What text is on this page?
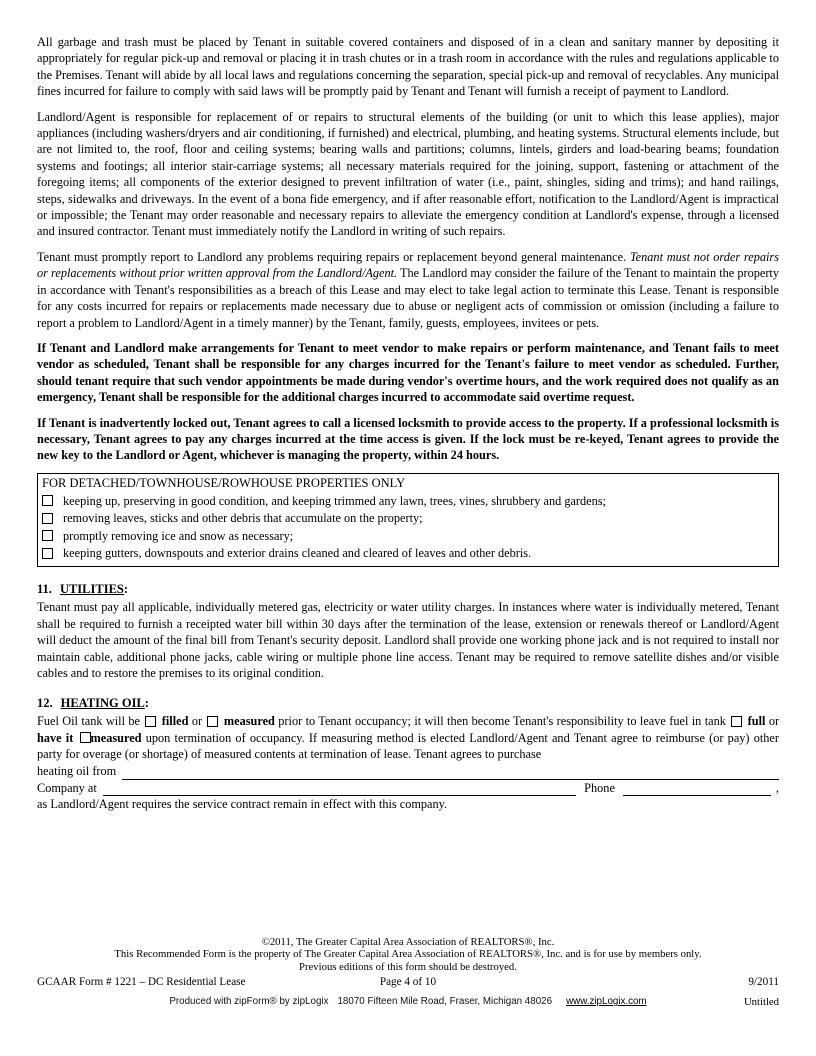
All garbage and trash must be placed by Tenant in suitable covered containers and disposed of in a clean and sanitary manner by depositing it appropriately for regular pick-up and removal or placing it in trash chutes or in a trash room in accordance with the rules and regulations applicable to the Premises. Tenant will abide by all local laws and regulations concerning the separation, special pick-up and removal of recyclables. Any municipal fines incurred for failure to comply with said laws will be promptly paid by Tenant and Tenant will furnish a receipt of payment to Landlord.

Landlord/Agent is responsible for replacement of or repairs to structural elements of the building (or unit to which this lease applies), major appliances (including washers/dryers and air conditioning, if furnished) and electrical, plumbing, and heating systems. Structural elements include, but are not limited to, the roof, floor and ceiling systems; bearing walls and partitions; columns, lintels, girders and load-bearing beams; foundation systems and footings; all interior stair-carriage systems; all necessary materials required for the joining, support, fastening or attachment of the foregoing items; all components of the exterior designed to prevent infiltration of water (i.e., paint, shingles, siding and trims); and hand railings, steps, sidewalks and driveways. In the event of a bona fide emergency, and if after reasonable effort, notification to the Landlord/Agent is impractical or impossible; the Tenant may order reasonable and necessary repairs to alleviate the emergency condition at Landlord's expense, through a licensed and insured contractor. Tenant must immediately notify the Landlord in writing of such repairs.

Tenant must promptly report to Landlord any problems requiring repairs or replacement beyond general maintenance. Tenant must not order repairs or replacements without prior written approval from the Landlord/Agent. The Landlord may consider the failure of the Tenant to maintain the property in accordance with Tenant's responsibilities as a breach of this Lease and may elect to take legal action to terminate this Lease. Tenant is responsible for any costs incurred for repairs or replacements made necessary due to abuse or negligent acts of commission or omission (including a failure to report a problem to Landlord/Agent in a timely manner) by the Tenant, family, guests, employees, invitees or pets.

If Tenant and Landlord make arrangements for Tenant to meet vendor to make repairs or perform maintenance, and Tenant fails to meet vendor as scheduled, Tenant shall be responsible for any charges incurred for the Tenant's failure to meet vendor as scheduled. Further, should tenant require that such vendor appointments be made during vendor's overtime hours, and the work required does not qualify as an emergency, Tenant shall be responsible for the additional charges incurred to accommodate said overtime request.

If Tenant is inadvertently locked out, Tenant agrees to call a licensed locksmith to provide access to the property. If a professional locksmith is necessary, Tenant agrees to pay any charges incurred at the time access is given. If the lock must be re-keyed, Tenant agrees to provide the new key to the Landlord or Agent, whichever is managing the property, within 24 hours.

FOR DETACHED/TOWNHOUSE/ROWHOUSE PROPERTIES ONLY
keeping up, preserving in good condition, and keeping trimmed any lawn, trees, vines, shrubbery and gardens;
removing leaves, sticks and other debris that accumulate on the property;
promptly removing ice and snow as necessary;
keeping gutters, downspouts and exterior drains cleaned and cleared of leaves and other debris.
11. UTILITIES:

Tenant must pay all applicable, individually metered gas, electricity or water utility charges. In instances where water is individually metered, Tenant shall be required to furnish a receipted water bill within 30 days after the termination of the lease, extension or renewals thereof or Landlord/Agent will deduct the amount of the final bill from Tenant's security deposit. Landlord shall provide one working phone jack and is not required to install nor maintain cable, additional phone jacks, cable wiring or multiple phone line access. Tenant may be required to remove satellite dishes and/or visible cables and to restore the premises to its original condition.

12. HEATING OIL:

Fuel Oil tank will be filled or measured prior to Tenant occupancy; it will then become Tenant's responsibility to leave fuel in tank full or have it measured upon termination of occupancy. If measuring method is elected Landlord/Agent and Tenant agree to reimburse (or pay) other party for overage (or shortage) of measured contents at termination of lease. Tenant agrees to purchase

heating oil from
Company at	Phone	,

as Landlord/Agent requires the service contract remain in effect with this company.

©2011, The Greater Capital Area Association of REALTORS®, Inc.
This Recommended Form is the property of The Greater Capital Area Association of REALTORS®, Inc. and is for use by members only.
Previous editions of this form should be destroyed.
GCAAR Form # 1221 – DC Residential Lease	Page 4 of 10	9/2011
Produced with zipForm® by zipLogix 18070 Fifteen Mile Road, Fraser, Michigan 48026 www.zipLogix.com	Untitled
